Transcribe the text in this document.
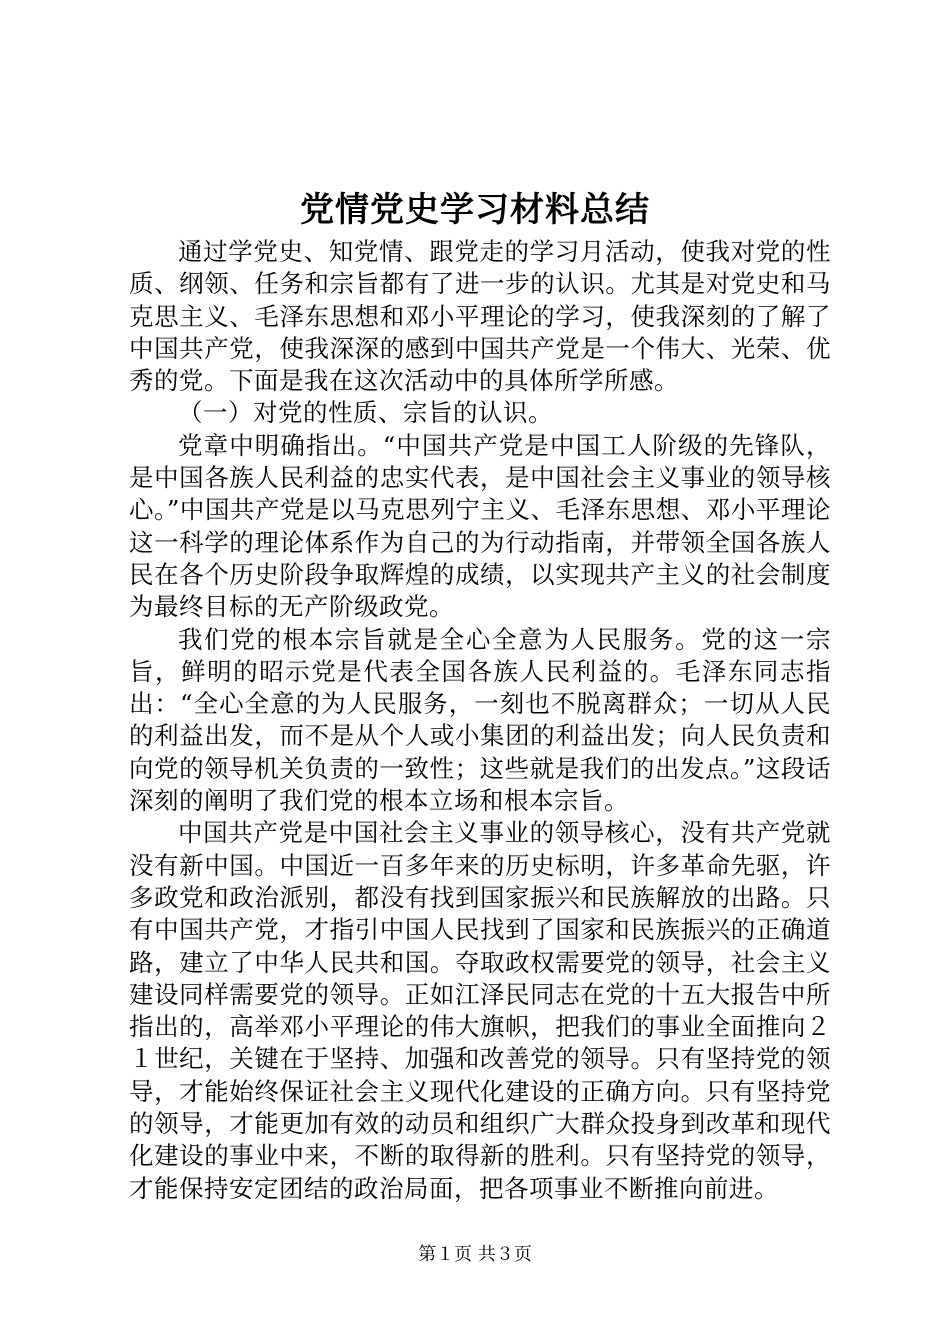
党情党史学习材料总结

通过学党史、知党情、跟党走的学习月活动，使我对党的性质、纲领、任务和宗旨都有了进一步的认识。尤其是对党史和马克思主义、毛泽东思想和邓小平理论的学习，使我深刻的了解了中国共产党，使我深深的感到中国共产党是一个伟大、光荣、优秀的党。下面是我在这次活动中的具体所学所感。

（一）对党的性质、宗旨的认识。

党章中明确指出。“中国共产党是中国工人阶级的先锋队，是中国各族人民利益的忠实代表，是中国社会主义事业的领导核心。”中国共产党是以马克思列宁主义、毛泽东思想、邓小平理论这一科学的理论体系作为自己的为行动指南，并带领全国各族人民在各个历史阶段争取辉煌的成绩，以实现共产主义的社会制度为最终目标的无产阶级政党。

我们党的根本宗旨就是全心全意为人民服务。党的这一宗旨，鲜明的昭示党是代表全国各族人民利益的。毛泽东同志指出：“全心全意的为人民服务，一刻也不脱离群众；一切从人民的利益出发，而不是从个人或小集团的利益出发；向人民负责和向党的领导机关负责的一致性；这些就是我们的出发点。”这段话深刻的阐明了我们党的根本立场和根本宗旨。

中国共产党是中国社会主义事业的领导核心，没有共产党就没有新中国。中国近一百多年来的历史标明，许多革命先驱，许多政党和政治派别，都没有找到国家振兴和民族解放的出路。只有中国共产党，才指引中国人民找到了国家和民族振兴的正确道路，建立了中华人民共和国。夺取政权需要党的领导，社会主义建设同样需要党的领导。正如江泽民同志在党的十五大报告中所指出的，高举邓小平理论的伟大旗帜，把我们的事业全面推向２１世纪，关键在于坚持、加强和改善党的领导。只有坚持党的领导，才能始终保证社会主义现代化建设的正确方向。只有坚持党的领导，才能更加有效的动员和组织广大群众投身到改革和现代化建设的事业中来，不断的取得新的胜利。只有坚持党的领导，才能保持安定团结的政治局面，把各项事业不断推向前进。

第１页 共３页
